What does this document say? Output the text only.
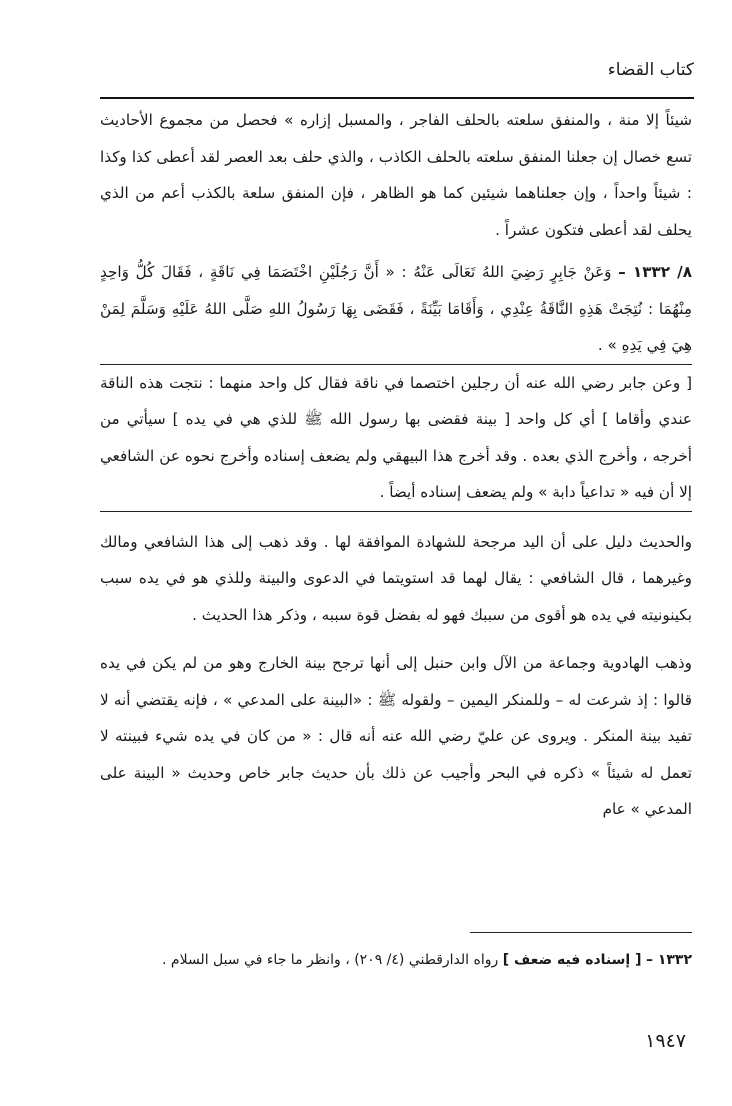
كتاب القضاء

شيئاً إلا منة ، والمنفق سلعته بالحلف الفاجر ، والمسبل إزاره » فحصل من مجموع الأحاديث تسع خصال إن جعلنا المنفق سلعته بالحلف الكاذب ، والذي حلف بعد العصر لقد أعطى كذا وكذا : شيئاً واحداً ، وإن جعلناهما شيئين كما هو الظاهر ، فإن المنفق سلعة بالكذب أعم من الذي يحلف لقد أعطى فتكون عشراً .

٨/ ١٣٣٢ – وَعَنْ جَابِرٍ رَضِيَ اللهُ تَعَالَى عَنْهُ : « أَنَّ رَجُلَيْنِ اخْتَصَمَا فِي نَاقَةٍ ، فَقَالَ كُلُّ وَاحِدٍ مِنْهُمَا : نُتِجَتْ هَذِهِ النَّاقَةُ عِنْدِي ، وَأَقَامَا بَيِّنَةً ، فَقَضَى بِهَا رَسُولُ اللهِ صَلَّى اللهُ عَلَيْهِ وَسَلَّمَ لِمَنْ هِيَ فِي يَدِهِ » .

[ وعن جابر رضي الله عنه أن رجلين اختصما في ناقة فقال كل واحد منهما : نتجت هذه الناقة عندي وأقاما ] أي كل واحد [ بينة فقضى بها رسول الله ﷺ للذي هي في يده ] سيأتي من أخرجه ، وأخرج الذي بعده . وقد أخرج هذا البيهقي ولم يضعف إسناده وأخرج نحوه عن الشافعي إلا أن فيه « تداعياً دابة » ولم يضعف إسناده أيضاً .

والحديث دليل على أن اليد مرجحة للشهادة الموافقة لها . وقد ذهب إلى هذا الشافعي ومالك وغيرهما ، قال الشافعي : يقال لهما قد استويتما في الدعوى والبينة وللذي هو في يده سبب بكينونيته في يده هو أقوى من سببك فهو له بفضل قوة سببه ، وذكر هذا الحديث .

وذهب الهادوية وجماعة من الآل وابن حنبل إلى أنها ترجح بينة الخارج وهو من لم يكن في يده قالوا : إذ شرعت له – وللمنكر اليمين – ولقوله ﷺ : «البينة على المدعي » ، فإنه يقتضي أنه لا تفيد بينة المنكر . ويروى عن عليّ رضي الله عنه أنه قال : « من كان في يده شيء فبينته لا تعمل له شيئاً » ذكره في البحر وأجيب عن ذلك بأن حديث جابر خاص وحديث « البينة على المدعي » عام

١٣٣٢ – [ إسناده فيه ضعف ] رواه الدارقطني (٤/ ٢٠٩) ، وانظر ما جاء في سبل السلام .
١٩٤٧
